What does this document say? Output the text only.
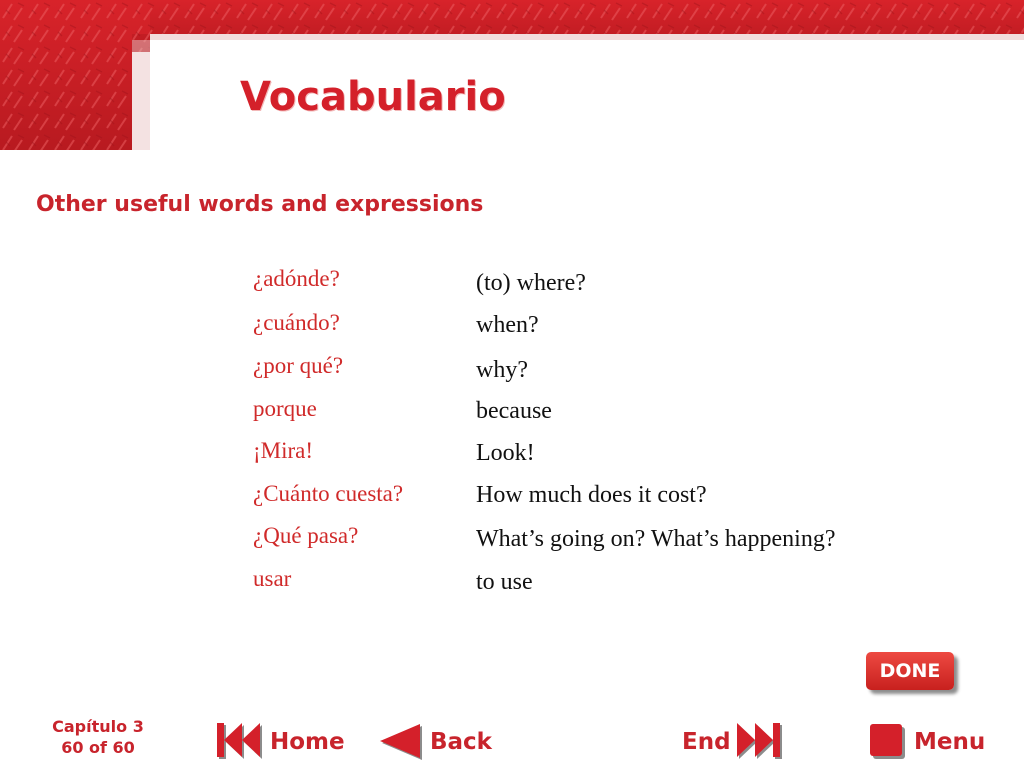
Vocabulario
Other useful words and expressions
¿adónde?	(to) where?
¿cuándo?	when?
¿por qué?	why?
porque	because
¡Mira!	Look!
¿Cuánto cuesta?	How much does it cost?
¿Qué pasa?	What’s going on? What’s happening?
usar	to use
DONE
Capítulo 3
60 of 60	Home	Back	End	Menu
